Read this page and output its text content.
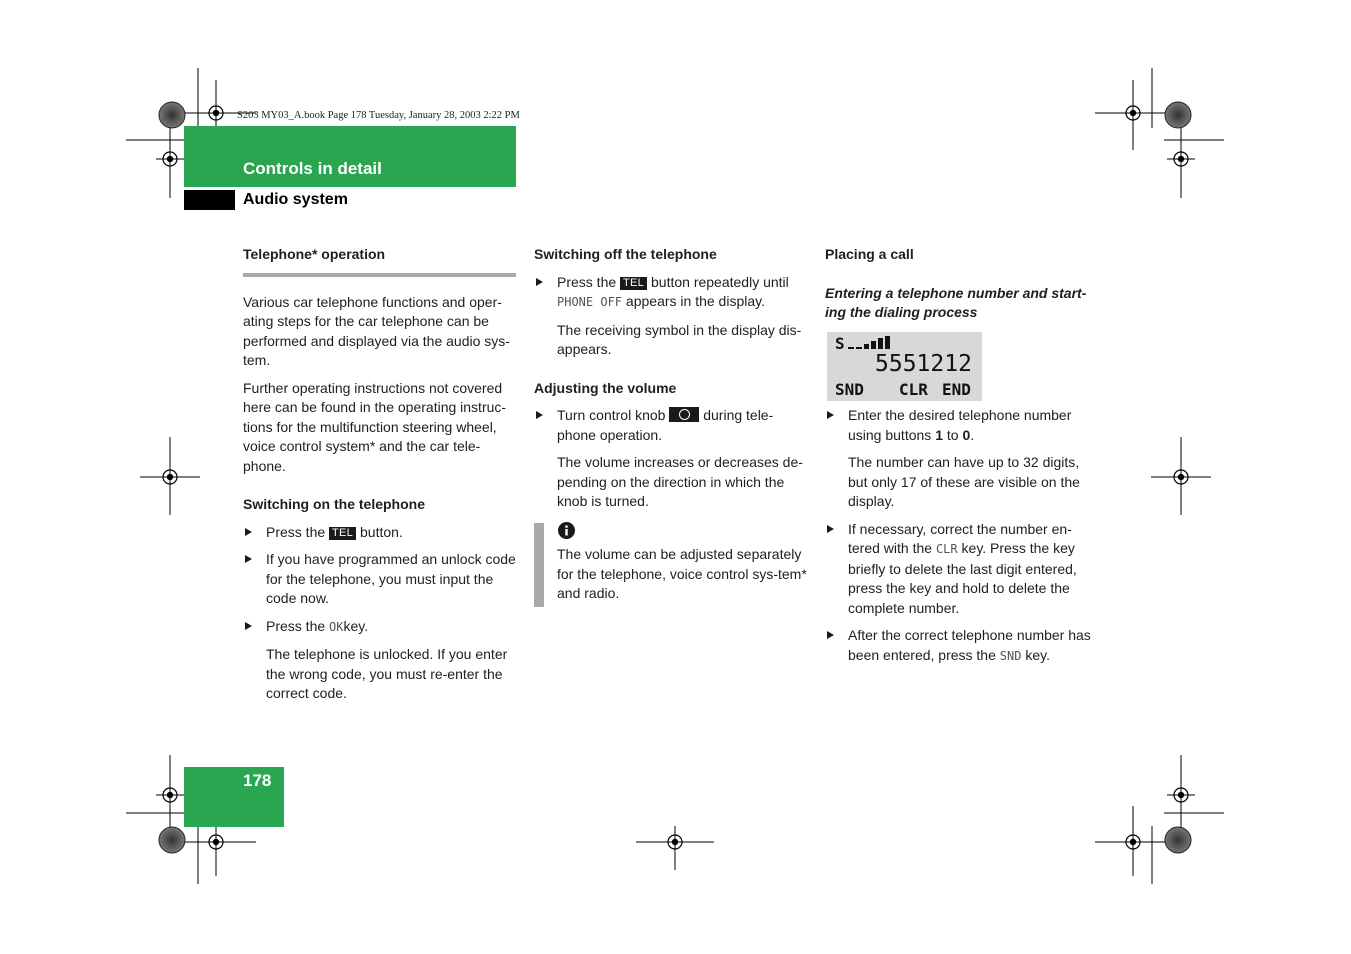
S203 MY03_A.book Page 178 Tuesday, January 28, 2003 2:22 PM
Controls in detail
Audio system

Telephone* operation

Various car telephone functions and oper-ating steps for the car telephone can be performed and displayed via the audio sys-tem.

Further operating instructions not covered here can be found in the operating instruc-tions for the multifunction steering wheel, voice control system* and the car tele-phone.

Switching on the telephone

Press the TEL button.

If you have programmed an unlock code for the telephone, you must input the code now.

Press the OKkey.

The telephone is unlocked. If you enter the wrong code, you must re-enter the correct code.

Switching off the telephone

Press the TEL button repeatedly until PHONE OFF appears in the display.

The receiving symbol in the display dis-appears.

Adjusting the volume

Turn control knob	during tele-phone operation.

The volume increases or decreases de-pending on the direction in which the knob is turned.

The volume can be adjusted separately for the telephone, voice control sys-tem* and radio.

Placing a call

Entering a telephone number and start-ing the dialing process

S
5551212
SND CLR END

Enter the desired telephone number using buttons 1 to 0.

The number can have up to 32 digits, but only 17 of these are visible on the display.

If necessary, correct the number en-tered with the CLR key. Press the key briefly to delete the last digit entered, press the key and hold to delete the complete number.

After the correct telephone number has been entered, press the SND key.

178
